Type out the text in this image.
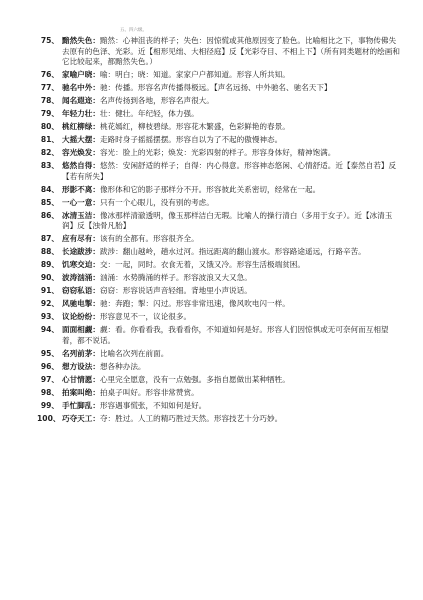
五、四六级。
75、 黯然失色：黯然：心神沮丧的样子；失色：因惊慌或其他原因变了脸色。比喻相比之下，事物传佛失去原有的色泽、光彩。近【相形见绌、大相径庭】反【光彩夺目、不相上下】（所有同类题材的绘画和它比较起来，都黯然失色。）
76、 家喻户晓：喻：明白；晓：知道。家家户户都知道。形容人所共知。
77、 驰名中外：驰：传播。形容名声传播得极远。【声名远扬、中外驰名、驰名天下】
78、 闻名遐迩：名声传扬到各地，形容名声很大。
79、 年轻力壮：壮：健壮。年纪轻，体力强。
80、 桃红柳绿：桃花嫣红，柳枝碧绿。形容花木繁盛，色彩鲜艳的春景。
81、 大摇大摆：走路时身子摇摇摆摆。形容自以为了不起的傲慢神态。
82、 容光焕发：容光：脸上的光彩；焕发：光彩四射的样子。形容身体好，精神饱满。
83、 悠然自得：悠然：安闲舒适的样子；自得：内心得意。形容神态悠闲、心情舒适。近【泰然自若】反【若有所失】
84、 形影不离：像形体和它的影子那样分不开。形容彼此关系密切，经常在一起。
85、 一心一意：只有一个心眼儿，没有别的考虑。
86、 冰清玉洁：像冰那样清澈透明，像玉那样洁白无瑕。比喻人的操行清白（多用于女子）。近【冰清玉润】反【浊骨凡胎】
87、 应有尽有：该有的全都有。形容很齐全。
88、 长途跋涉：跋涉：翻山越岭，趟水过河。指远距离的翻山渡水。形容路途遥远，行路辛苦。
89、 饥寒交迫：交：一起，同时。衣食无着，又饿又冷。形容生活极端贫困。
90、 波涛汹涌：汹涌：水势腾涌的样子。形容波浪又大又急。
91、 窃窃私语：窃窃：形容说话声音轻细。背地里小声说话。
92、 风驰电掣：驰：奔跑；掣：闪过。形容非常迅速，像风吹电闪一样。
93、 议论纷纷：形容意见不一，议论很多。
94、 面面相觑：觑：看。你看看我，我看看你，不知道如何是好。形容人们因惊惧或无可奈何而互相望着，都不说话。
95、 名列前茅：比喻名次列在前面。
96、 想方设法：想各种办法。
97、 心甘情愿：心里完全愿意，没有一点勉强。多指自愿做出某种牺牲。
98、 拍案叫绝：拍桌子叫好。形容非常赞赏。
99、 手忙脚乱：形容遇事慌张，不知如何是好。
100、 巧夺天工：夺：胜过。人工的精巧胜过天然。形容技艺十分巧妙。
